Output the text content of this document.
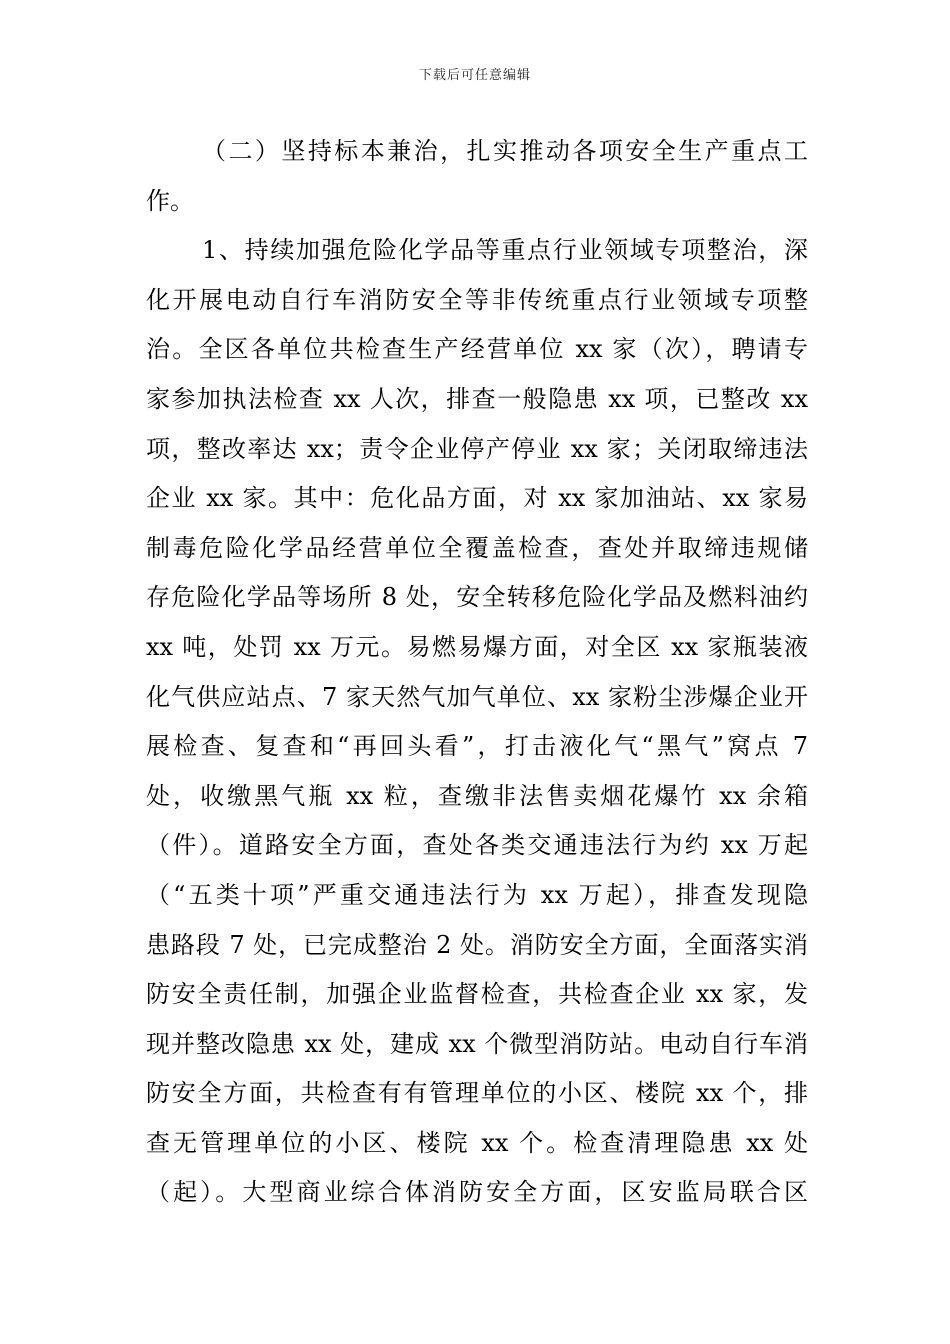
下载后可任意编辑
（二）坚持标本兼治，扎实推动各项安全生产重点工
作。
1、持续加强危险化学品等重点行业领域专项整治，深
化开展电动自行车消防安全等非传统重点行业领域专项整
治。全区各单位共检查生产经营单位 xx 家（次），聘请专
家参加执法检查 xx 人次，排查一般隐患 xx 项，已整改 xx
项，整改率达 xx；责令企业停产停业 xx 家；关闭取缔违法
企业 xx 家。其中：危化品方面，对 xx 家加油站、xx 家易
制毒危险化学品经营单位全覆盖检查，查处并取缔违规储
存危险化学品等场所 8 处，安全转移危险化学品及燃料油约
xx 吨，处罚 xx 万元。易燃易爆方面，对全区 xx 家瓶装液
化气供应站点、7 家天然气加气单位、xx 家粉尘涉爆企业开
展检查、复查和“再回头看”，打击液化气“黑气”窝点 7
处，收缴黑气瓶 xx 粒，查缴非法售卖烟花爆竹 xx 余箱
（件）。道路安全方面，查处各类交通违法行为约 xx 万起
（“五类十项”严重交通违法行为 xx 万起），排查发现隐
患路段 7 处，已完成整治 2 处。消防安全方面，全面落实消
防安全责任制，加强企业监督检查，共检查企业 xx 家，发
现并整改隐患 xx 处，建成 xx 个微型消防站。电动自行车消
防安全方面，共检查有有管理单位的小区、楼院 xx 个，排
查无管理单位的小区、楼院 xx 个。检查清理隐患 xx 处
（起）。大型商业综合体消防安全方面，区安监局联合区
